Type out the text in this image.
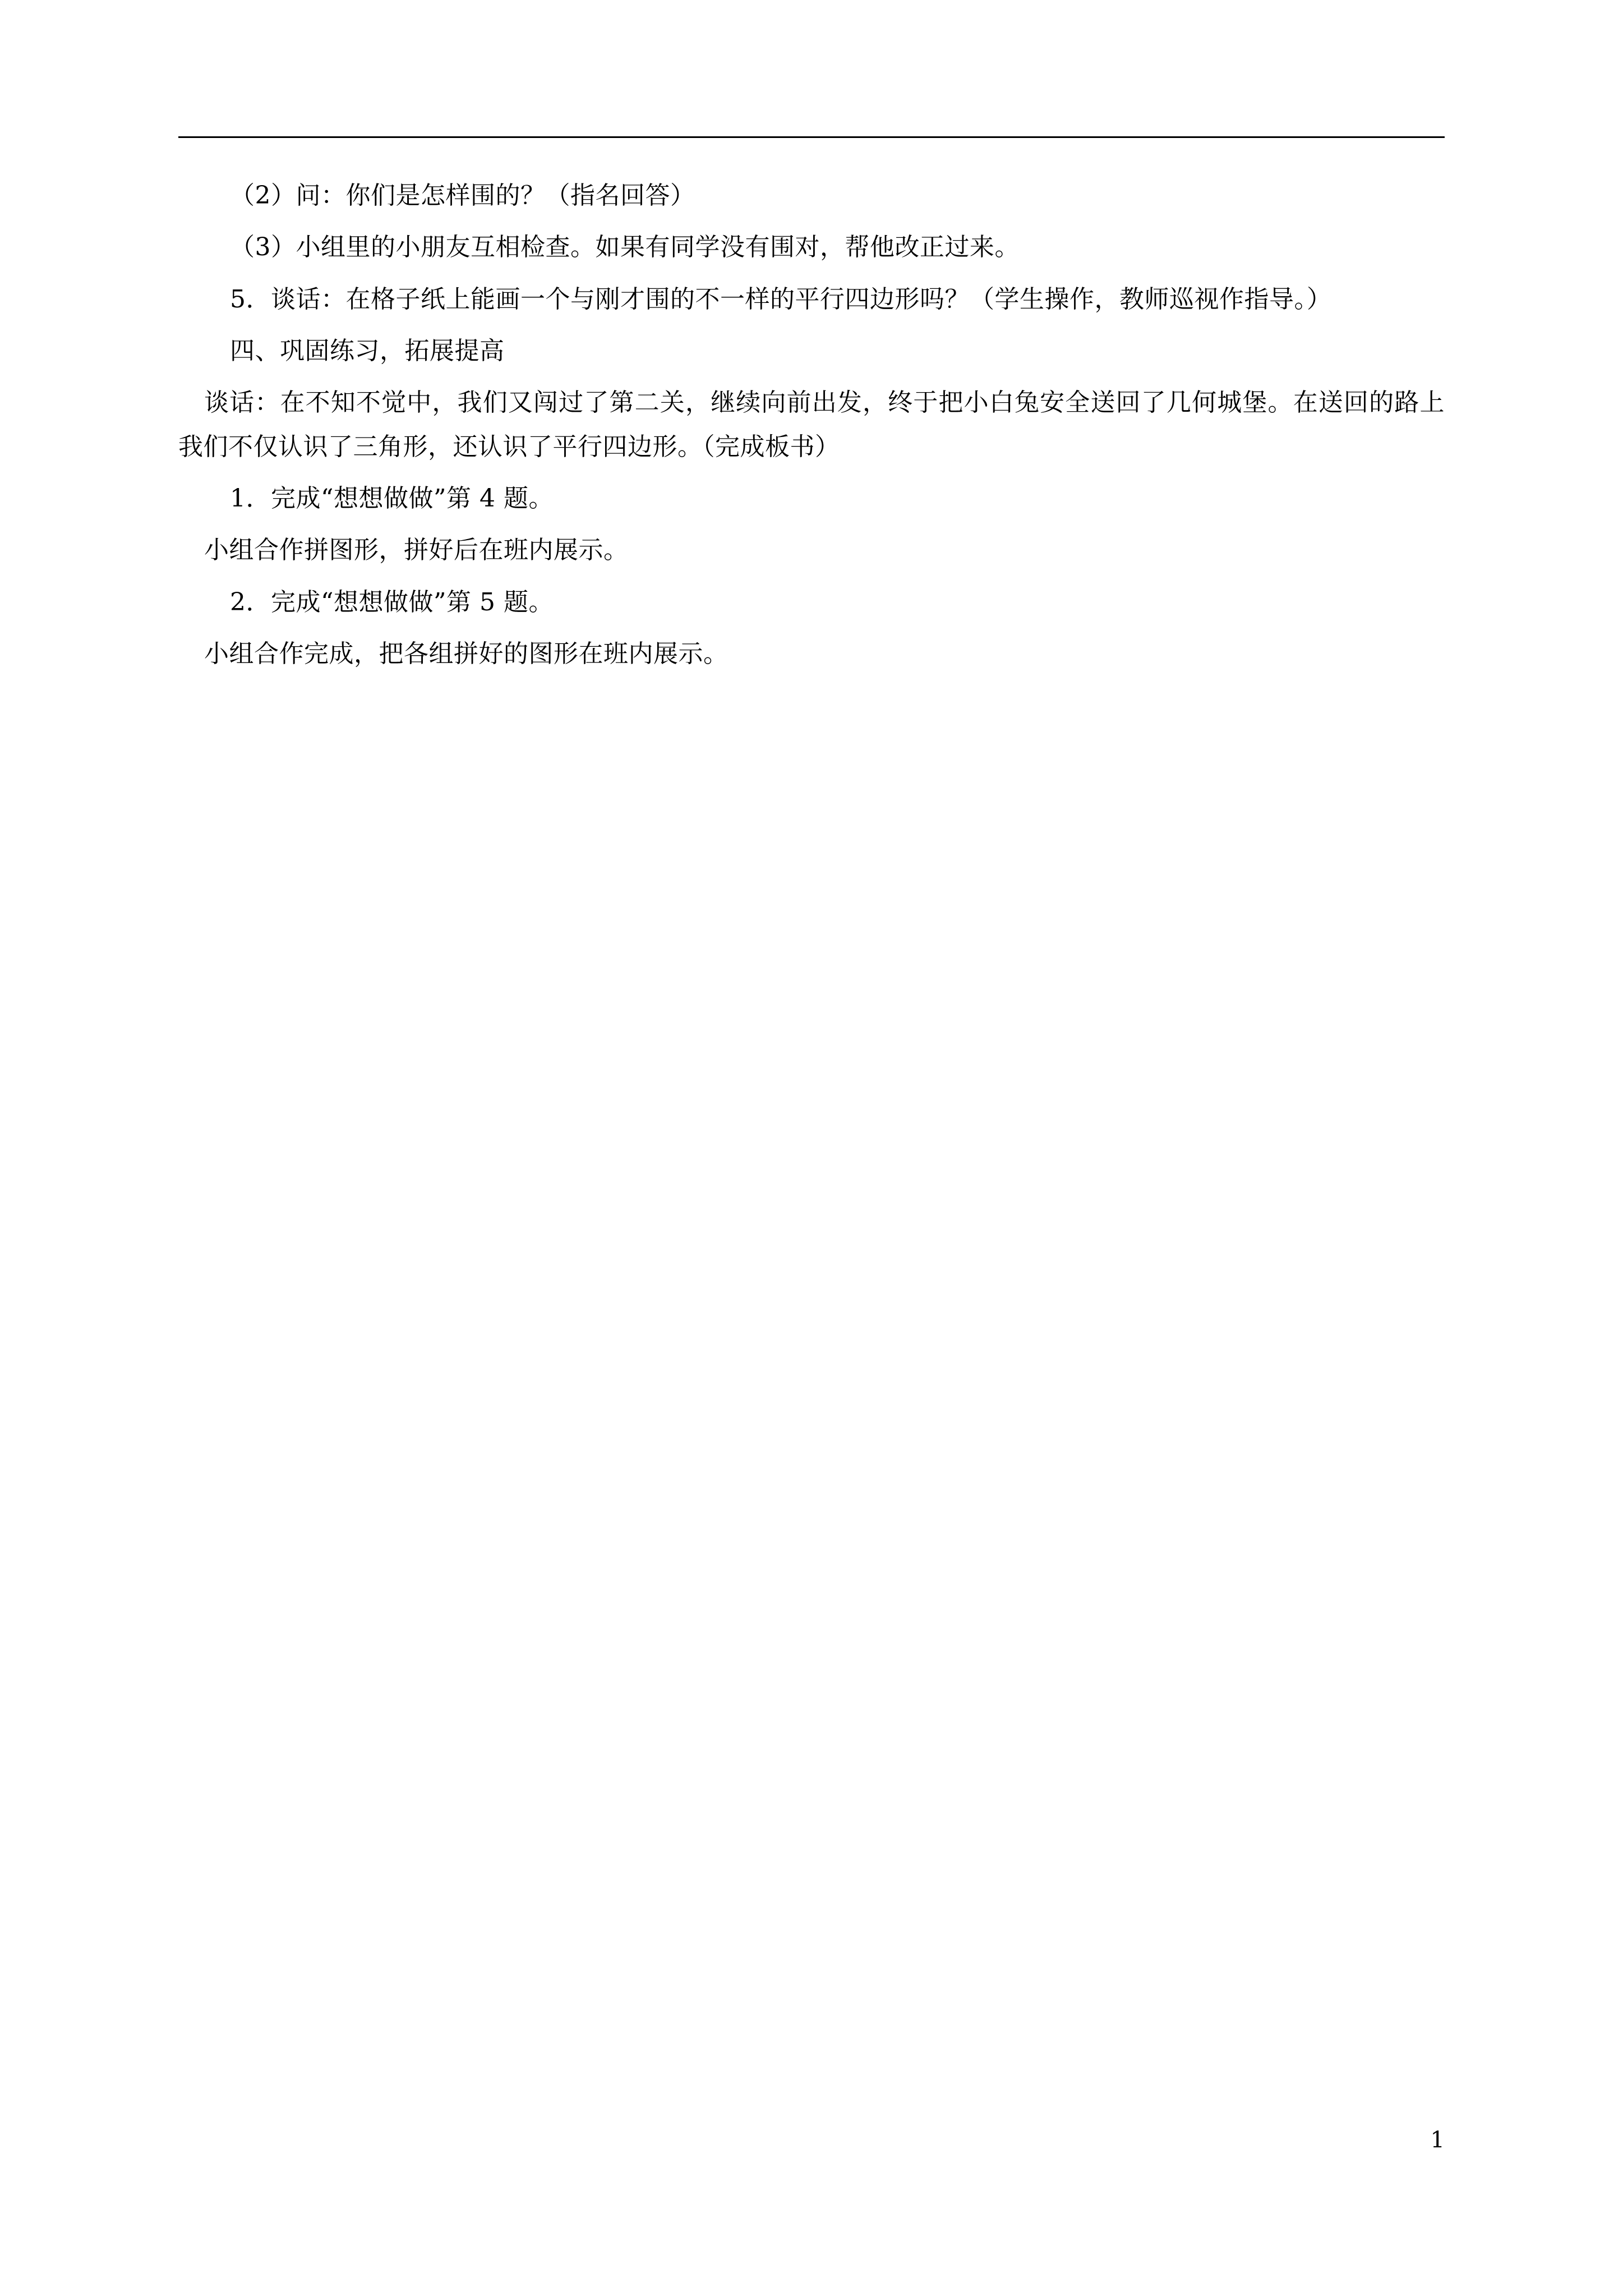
（2）问：你们是怎样围的？（指名回答）

（3）小组里的小朋友互相检查。如果有同学没有围对，帮他改正过来。

5．谈话：在格子纸上能画一个与刚才围的不一样的平行四边形吗？（学生操作，教师巡视作指导。）

四、巩固练习，拓展提高

谈话：在不知不觉中，我们又闯过了第二关，继续向前出发，终于把小白兔安全送回了几何城堡。在送回的路上我们不仅认识了三角形，还认识了平行四边形。（完成板书）

1．完成“想想做做”第 4 题。

小组合作拼图形，拼好后在班内展示。

2．完成“想想做做”第 5 题。

小组合作完成，把各组拼好的图形在班内展示。

1
